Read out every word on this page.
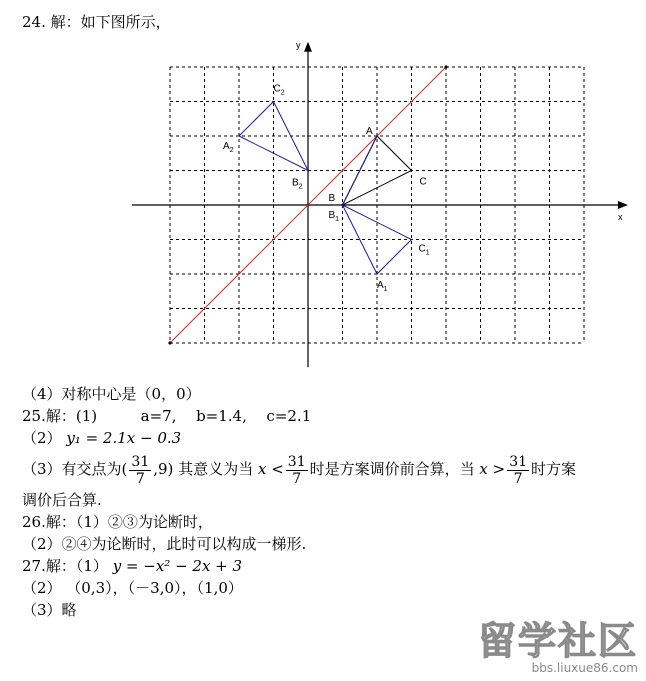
24. 解：如下图所示，
A
B
C
$A_1$
$B_1$
$C_1$
$A_2$
$B_2$
$C_2$
x
y
（4）对称中心是（0，0）
25.解：(1)	a=7, b=1.4, c=2.1
（2） y₁ = 2.1x − 0.3
（3）有交点为( $\frac{31}{7} ,9$) 其意义为当 $x < \frac{31}{7}$ 时是方案调价前合算，当 $x > \frac{31}{7}$ 时方案
调价后合算.
26.解：（1）②③为论断时，
（2）②④为论断时，此时可以构成一梯形.
27.解：（1） y = −x² − 2x + 3
（2） （0,3），（－3,0），（1,0）
（3）略
留学社区
bbs.liuxue86.com
